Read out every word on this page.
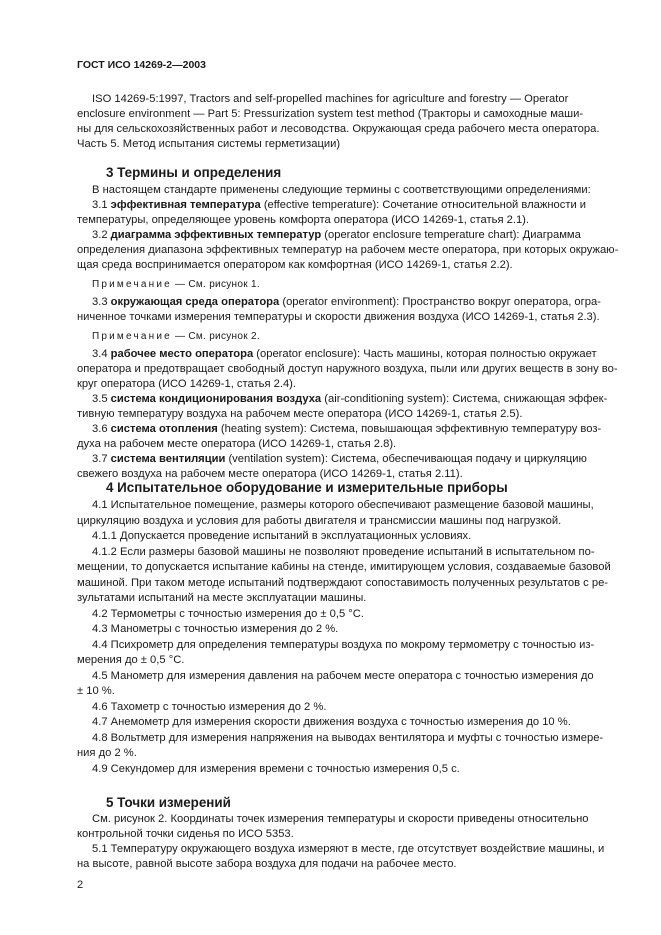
ГОСТ ИСО 14269-2—2003
ISO 14269-5:1997, Tractors and self-propelled machines for agriculture and forestry — Operator
enclosure environment — Part 5: Pressurization system test method (Тракторы и самоходные маши-
ны для сельскохозяйственных работ и лесоводства. Окружающая среда рабочего места оператора.
Часть 5. Метод испытания системы герметизации)
3 Термины и определения
В настоящем стандарте применены следующие термины с соответствующими определениями:
3.1 эффективная температура (effective temperature): Сочетание относительной влажности и
температуры, определяющее уровень комфорта оператора (ИСО 14269-1, статья 2.1).
3.2 диаграмма эффективных температур (operator enclosure temperature chart): Диаграмма
определения диапазона эффективных температур на рабочем месте оператора, при которых окружаю-
щая среда воспринимается оператором как комфортная (ИСО 14269-1, статья 2.2).
Примечание — См. рисунок 1.
3.3 окружающая среда оператора (operator environment): Пространство вокруг оператора, огра-
ниченное точками измерения температуры и скорости движения воздуха (ИСО 14269-1, статья 2.3).
Примечание — См. рисунок 2.
3.4 рабочее место оператора (operator enclosure): Часть машины, которая полностью окружает
оператора и предотвращает свободный доступ наружного воздуха, пыли или других веществ в зону во-
круг оператора (ИСО 14269-1, статья 2.4).
3.5 система кондиционирования воздуха (air-conditioning system): Система, снижающая эффек-
тивную температуру воздуха на рабочем месте оператора (ИСО 14269-1, статья 2.5).
3.6 система отопления (heating system): Система, повышающая эффективную температуру воз-
духа на рабочем месте оператора (ИСО 14269-1, статья 2.8).
3.7 система вентиляции (ventilation system): Система, обеспечивающая подачу и циркуляцию
свежего воздуха на рабочем месте оператора (ИСО 14269-1, статья 2.11).
4 Испытательное оборудование и измерительные приборы
4.1 Испытательное помещение, размеры которого обеспечивают размещение базовой машины,
циркуляцию воздуха и условия для работы двигателя и трансмиссии машины под нагрузкой.
4.1.1 Допускается проведение испытаний в эксплуатационных условиях.
4.1.2 Если размеры базовой машины не позволяют проведение испытаний в испытательном по-
мещении, то допускается испытание кабины на стенде, имитирующем условия, создаваемые базовой
машиной. При таком методе испытаний подтверждают сопоставимость полученных результатов с ре-
зультатами испытаний на месте эксплуатации машины.
4.2 Термометры с точностью измерения до ± 0,5 °С.
4.3 Манометры с точностью измерения до 2 %.
4.4 Психрометр для определения температуры воздуха по мокрому термометру с точностью из-
мерения до ± 0,5 °С.
4.5 Манометр для измерения давления на рабочем месте оператора с точностью измерения до
± 10 %.
4.6 Тахометр с точностью измерения до 2 %.
4.7 Анемометр для измерения скорости движения воздуха с точностью измерения до 10 %.
4.8 Вольтметр для измерения напряжения на выводах вентилятора и муфты с точностью измере-
ния до 2 %.
4.9 Секундомер для измерения времени с точностью измерения 0,5 с.
2
5 Точки измерений
См. рисунок 2. Координаты точек измерения температуры и скорости приведены относительно
контрольной точки сиденья по ИСО 5353.
5.1 Температуру окружающего воздуха измеряют в месте, где отсутствует воздействие машины, и
на высоте, равной высоте забора воздуха для подачи на рабочее место.
